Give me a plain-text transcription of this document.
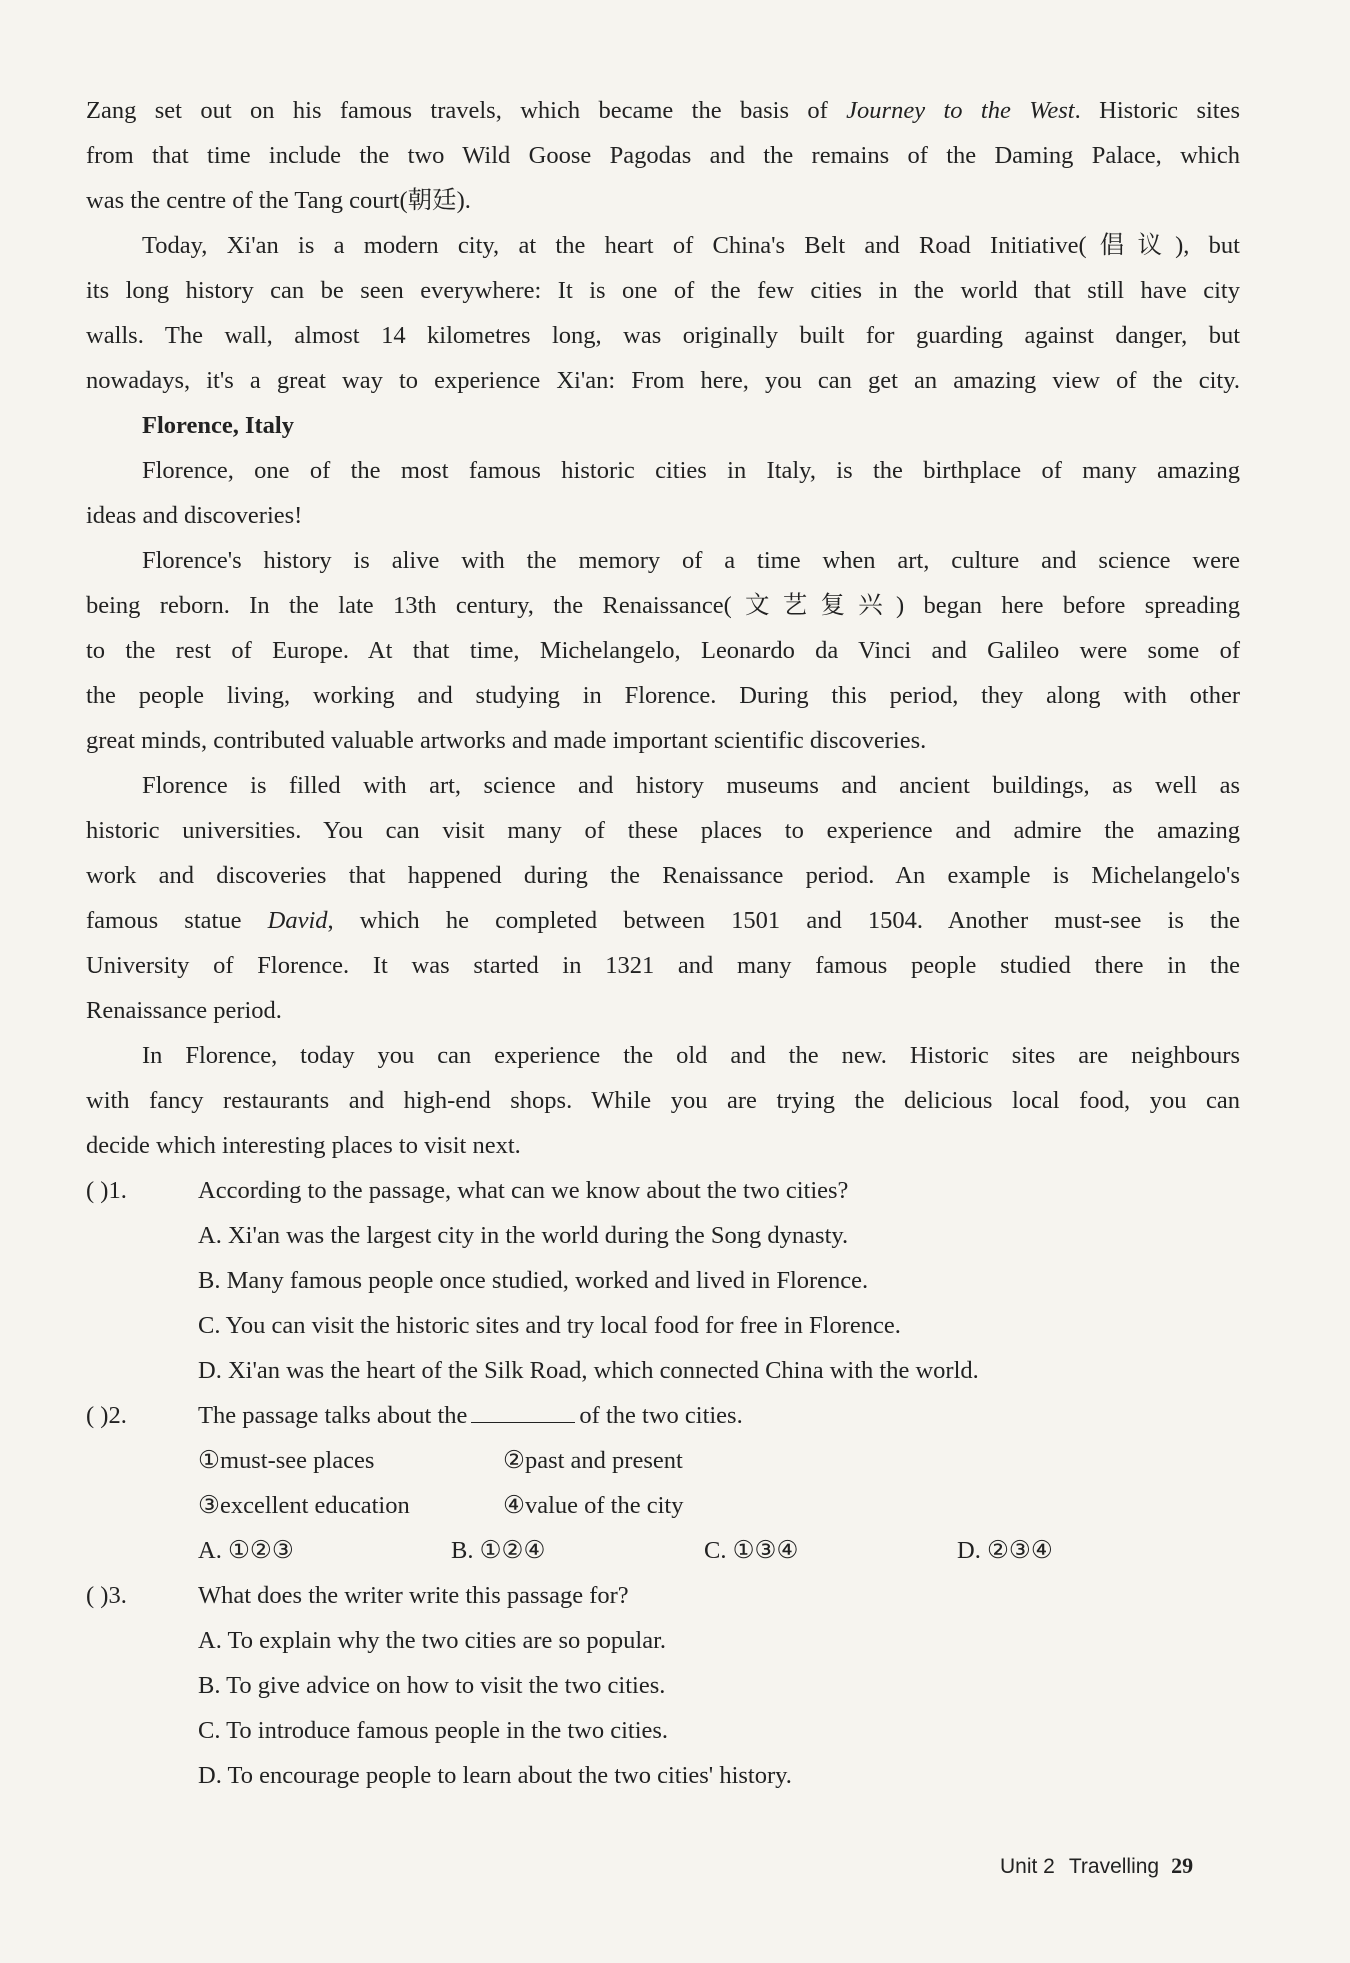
Zang set out on his famous travels, which became the basis of Journey to the West. Historic sites
from that time include the two Wild Goose Pagodas and the remains of the Daming Palace, which
was the centre of the Tang court(朝廷).
Today, Xi'an is a modern city, at the heart of China's Belt and Road Initiative(倡议), but
its long history can be seen everywhere: It is one of the few cities in the world that still have city
walls. The wall, almost 14 kilometres long, was originally built for guarding against danger, but
nowadays, it's a great way to experience Xi'an: From here, you can get an amazing view of the city.
Florence, Italy
Florence, one of the most famous historic cities in Italy, is the birthplace of many amazing
ideas and discoveries!
Florence's history is alive with the memory of a time when art, culture and science were
being reborn. In the late 13th century, the Renaissance(文艺复兴) began here before spreading
to the rest of Europe. At that time, Michelangelo, Leonardo da Vinci and Galileo were some of
the people living, working and studying in Florence. During this period, they along with other
great minds, contributed valuable artworks and made important scientific discoveries.
Florence is filled with art, science and history museums and ancient buildings, as well as
historic universities. You can visit many of these places to experience and admire the amazing
work and discoveries that happened during the Renaissance period. An example is Michelangelo's
famous statue David, which he completed between 1501 and 1504. Another must-see is the
University of Florence. It was started in 1321 and many famous people studied there in the
Renaissance period.
In Florence, today you can experience the old and the new. Historic sites are neighbours
with fancy restaurants and high-end shops. While you are trying the delicious local food, you can
decide which interesting places to visit next.
( )1.	According to the passage, what can we know about the two cities?
A. Xi'an was the largest city in the world during the Song dynasty.
B. Many famous people once studied, worked and lived in Florence.
C. You can visit the historic sites and try local food for free in Florence.
D. Xi'an was the heart of the Silk Road, which connected China with the world.
( )2.	The passage talks about the	of the two cities.
①must-see places	②past and present
③excellent education	④value of the city
A. ①②③	B. ①②④	C. ①③④	D. ②③④
( )3.	What does the writer write this passage for?
A. To explain why the two cities are so popular.
B. To give advice on how to visit the two cities.
C. To introduce famous people in the two cities.
D. To encourage people to learn about the two cities' history.
Unit 2 Travelling 29
